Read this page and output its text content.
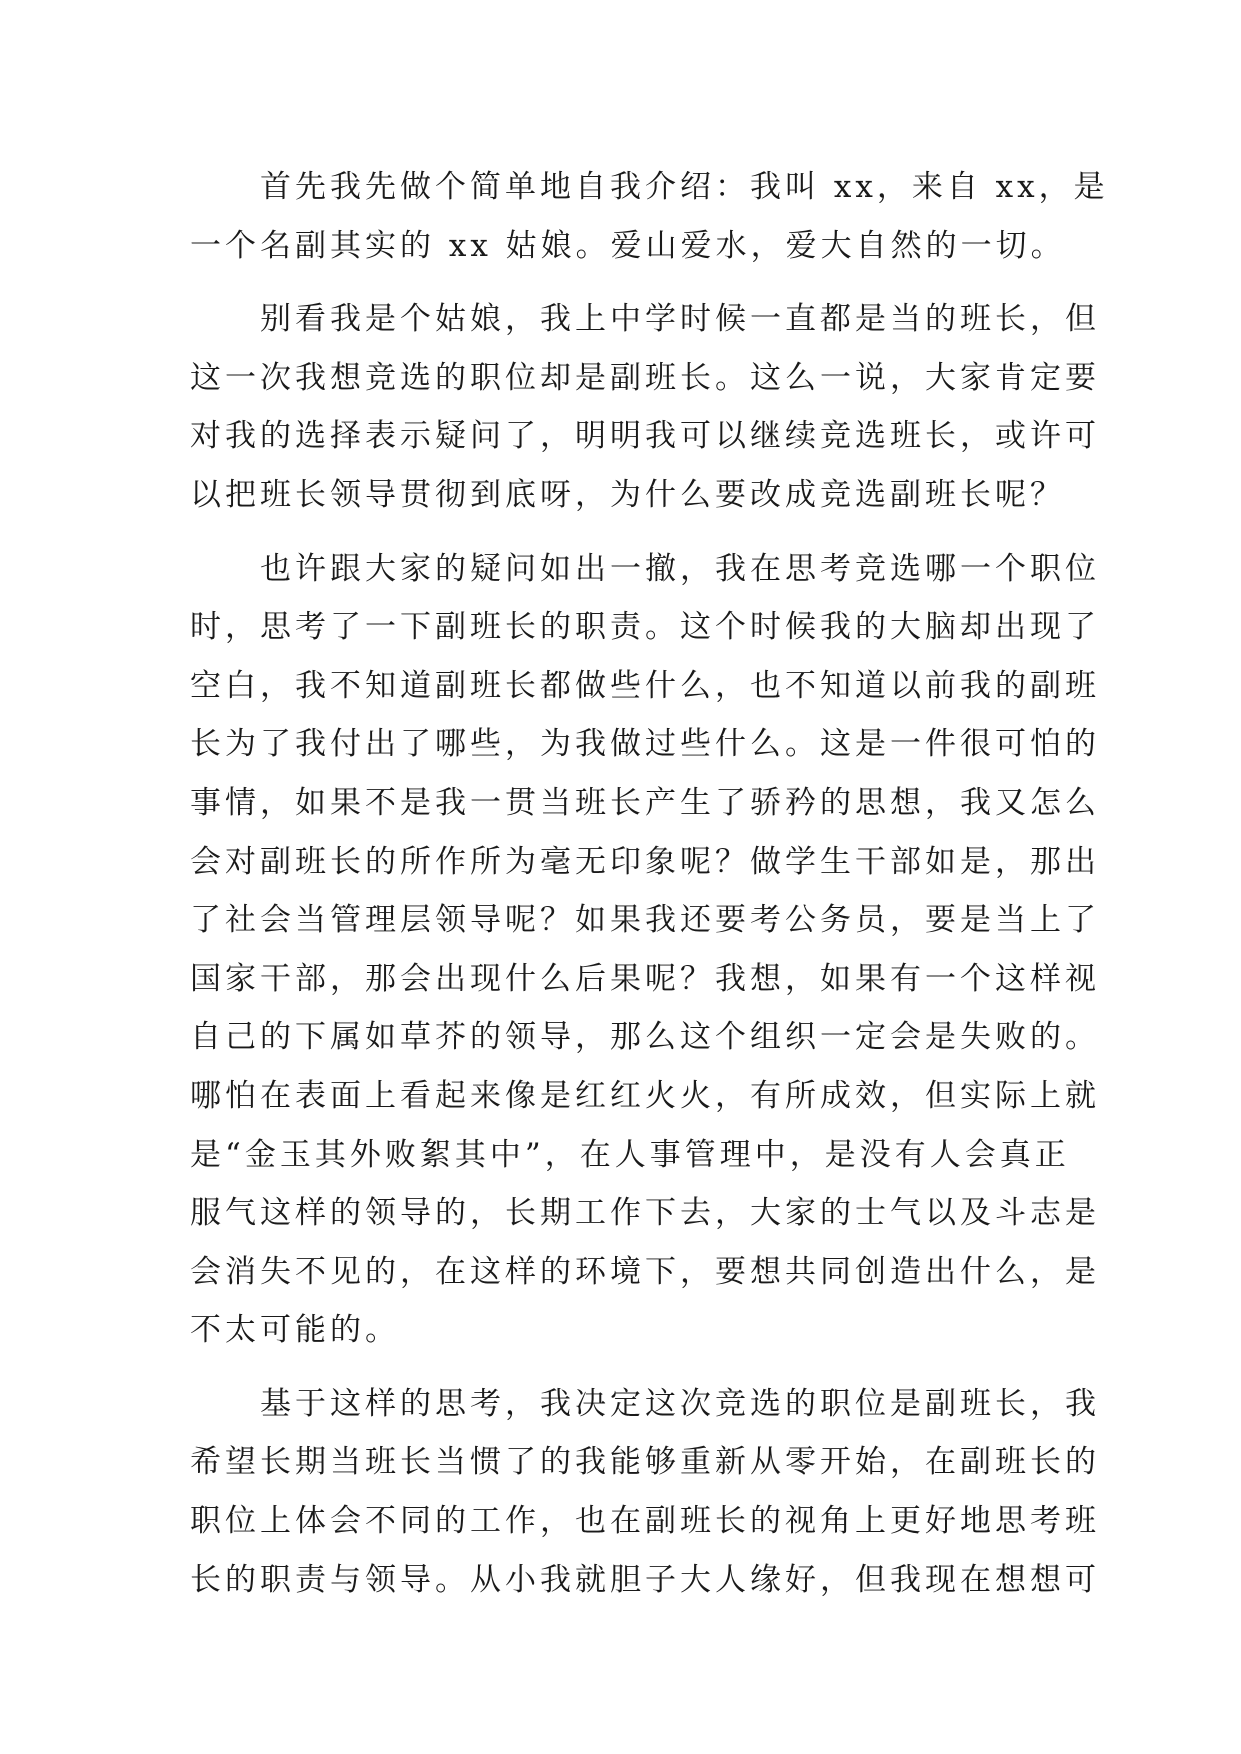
　　首先我先做个简单地自我介绍：我叫 xx，来自 xx，是
一个名副其实的 xx 姑娘。爱山爱水，爱大自然的一切。
　　别看我是个姑娘，我上中学时候一直都是当的班长，但
这一次我想竞选的职位却是副班长。这么一说，大家肯定要
对我的选择表示疑问了，明明我可以继续竞选班长，或许可
以把班长领导贯彻到底呀，为什么要改成竞选副班长呢？
　　也许跟大家的疑问如出一撤，我在思考竞选哪一个职位
时，思考了一下副班长的职责。这个时候我的大脑却出现了
空白，我不知道副班长都做些什么，也不知道以前我的副班
长为了我付出了哪些，为我做过些什么。这是一件很可怕的
事情，如果不是我一贯当班长产生了骄矜的思想，我又怎么
会对副班长的所作所为毫无印象呢？做学生干部如是，那出
了社会当管理层领导呢？如果我还要考公务员，要是当上了
国家干部，那会出现什么后果呢？我想，如果有一个这样视
自己的下属如草芥的领导，那么这个组织一定会是失败的。
哪怕在表面上看起来像是红红火火，有所成效，但实际上就
是“金玉其外败絮其中”，在人事管理中，是没有人会真正
服气这样的领导的，长期工作下去，大家的士气以及斗志是
会消失不见的，在这样的环境下，要想共同创造出什么，是
不太可能的。
　　基于这样的思考，我决定这次竞选的职位是副班长，我
希望长期当班长当惯了的我能够重新从零开始，在副班长的
职位上体会不同的工作，也在副班长的视角上更好地思考班
长的职责与领导。从小我就胆子大人缘好，但我现在想想可
